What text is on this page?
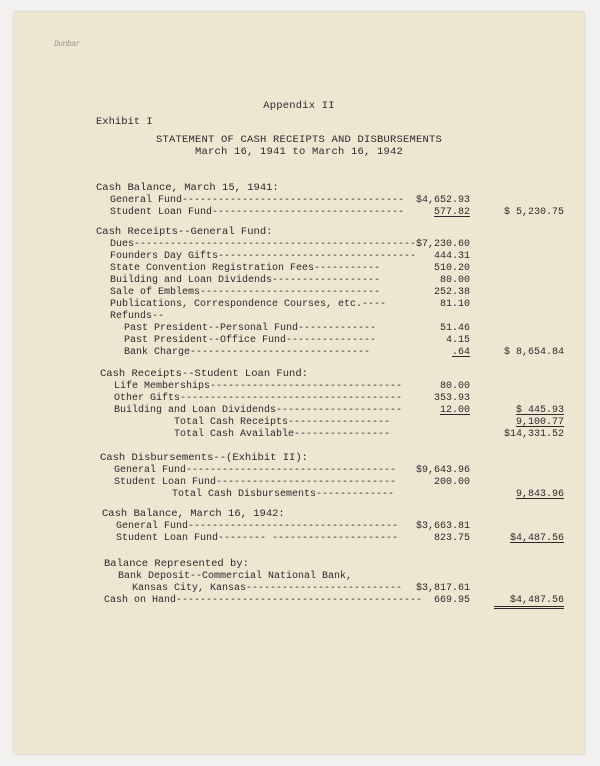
Dunbar
Appendix II
Exhibit I
STATEMENT OF CASH RECEIPTS AND DISBURSEMENTS
March 16, 1941 to March 16, 1942
Cash Balance, March 15, 1941:
General Fund-------------------------------------	$4,652.93
Student Loan Fund--------------------------------	577.82	$ 5,230.75
Cash Receipts--General Fund:
Dues----------------------------------------------- $7,230.60
Founders Day Gifts---------------------------------	444.31
State Convention Registration Fees-----------	510.20
Building and Loan Dividends------------------	80.00
Sale of Emblems------------------------------	252.38
Publications, Correspondence Courses, etc.----	81.10
Refunds--
Past President--Personal Fund-------------	51.46
Past President--Office Fund---------------	4.15
Bank Charge------------------------------	.64	$ 8,654.84
Cash Receipts--Student Loan Fund:
Life Memberships--------------------------------	80.00
Other Gifts-------------------------------------	353.93
Building and Loan Dividends---------------------	12.00	$ 445.93
Total Cash Receipts-----------------	9,100.77
Total Cash Available----------------	$14,331.52
Cash Disbursements--(Exhibit II):
General Fund-----------------------------------	$9,643.96
Student Loan Fund------------------------------	200.00
Total Cash Disbursements-------------	9,843.96
Cash Balance, March 16, 1942:
General Fund-----------------------------------	$3,663.81
Student Loan Fund-------- ---------------------	823.75	$4,487.56
Balance Represented by:
Bank Deposit--Commercial National Bank,
Kansas City, Kansas--------------------------	$3,817.61
Cash on Hand-----------------------------------------	669.95	$4,487.56
